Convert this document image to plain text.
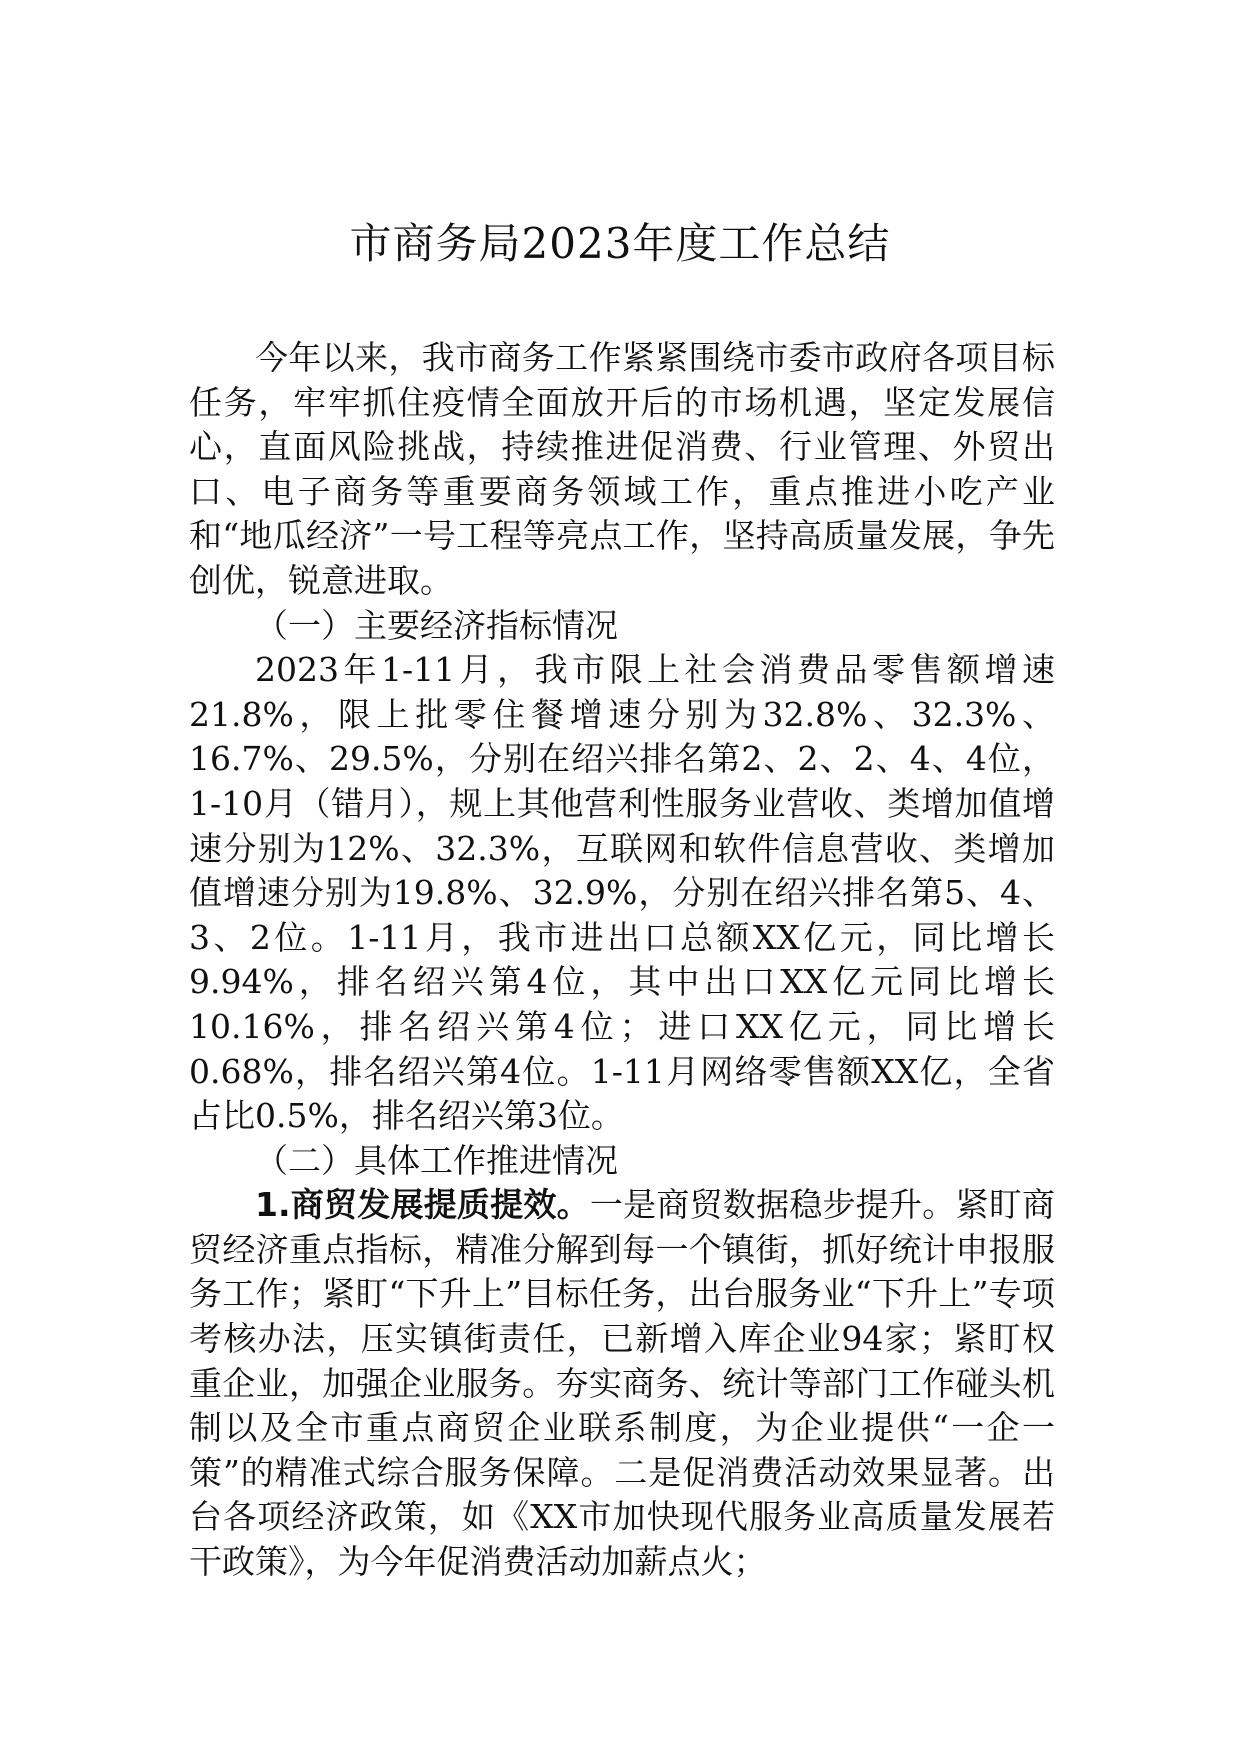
市商务局2023年度工作总结

今年以来，我市商务工作紧紧围绕市委市政府各项目标任务，牢牢抓住疫情全面放开后的市场机遇，坚定发展信心，直面风险挑战，持续推进促消费、行业管理、外贸出口、电子商务等重要商务领域工作，重点推进小吃产业和“地瓜经济”一号工程等亮点工作，坚持高质量发展，争先创优，锐意进取。

（一）主要经济指标情况

2023年1-11月，我市限上社会消费品零售额增速21.8%，限上批零住餐增速分别为32.8%、32.3%、16.7%、29.5%，分别在绍兴排名第2、2、2、4、4位，1-10月（错月），规上其他营利性服务业营收、类增加值增速分别为12%、32.3%，互联网和软件信息营收、类增加值增速分别为19.8%、32.9%，分别在绍兴排名第5、4、3、2位。1-11月，我市进出口总额XX亿元，同比增长9.94%，排名绍兴第4位，其中出口XX亿元同比增长10.16%，排名绍兴第4位；进口XX亿元，同比增长0.68%，排名绍兴第4位。1-11月网络零售额XX亿，全省占比0.5%，排名绍兴第3位。

（二）具体工作推进情况

1.商贸发展提质提效。一是商贸数据稳步提升。紧盯商贸经济重点指标，精准分解到每一个镇街，抓好统计申报服务工作；紧盯“下升上”目标任务，出台服务业“下升上”专项考核办法，压实镇街责任，已新增入库企业94家；紧盯权重企业，加强企业服务。夯实商务、统计等部门工作碰头机制以及全市重点商贸企业联系制度，为企业提供“一企一策”的精准式综合服务保障。二是促消费活动效果显著。出台各项经济政策，如《XX市加快现代服务业高质量发展若干政策》，为今年促消费活动加薪点火；
